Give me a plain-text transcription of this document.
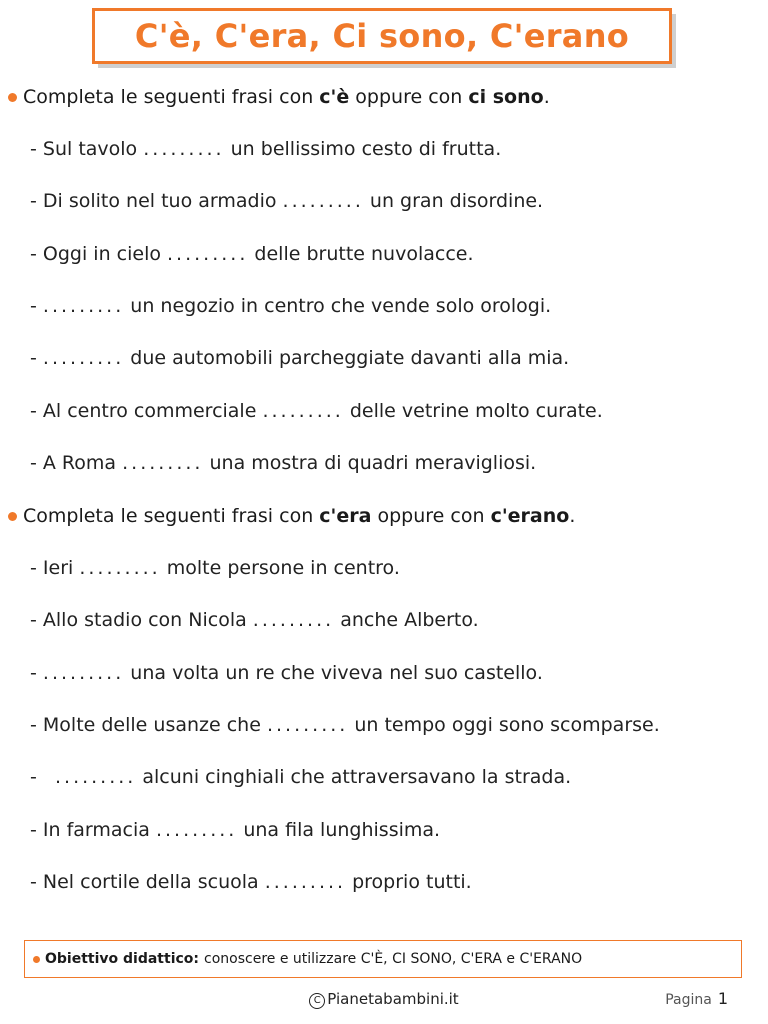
C'è, C'era, Ci sono, C'erano
Completa le seguenti frasi con c'è oppure con ci sono.
- Sul tavolo ......... un bellissimo cesto di frutta.
- Di solito nel tuo armadio ......... un gran disordine.
- Oggi in cielo ......... delle brutte nuvolacce.
- ......... un negozio in centro che vende solo orologi.
- ......... due automobili parcheggiate davanti alla mia.
- Al centro commerciale ......... delle vetrine molto curate.
- A Roma ......... una mostra di quadri meravigliosi.
Completa le seguenti frasi con c'era oppure con c'erano.
- Ieri ......... molte persone in centro.
- Allo stadio con Nicola ......... anche Alberto.
- ......... una volta un re che viveva nel suo castello.
- Molte delle usanze che ......... un tempo oggi sono scomparse.
-   ......... alcuni cinghiali che attraversavano la strada.
- In farmacia ......... una fila lunghissima.
- Nel cortile della scuola ......... proprio tutti.
Obiettivo didattico: conoscere e utilizzare C'È, CI SONO, C'ERA e C'ERANO
C Pianetabambini.it	Pagina 1
